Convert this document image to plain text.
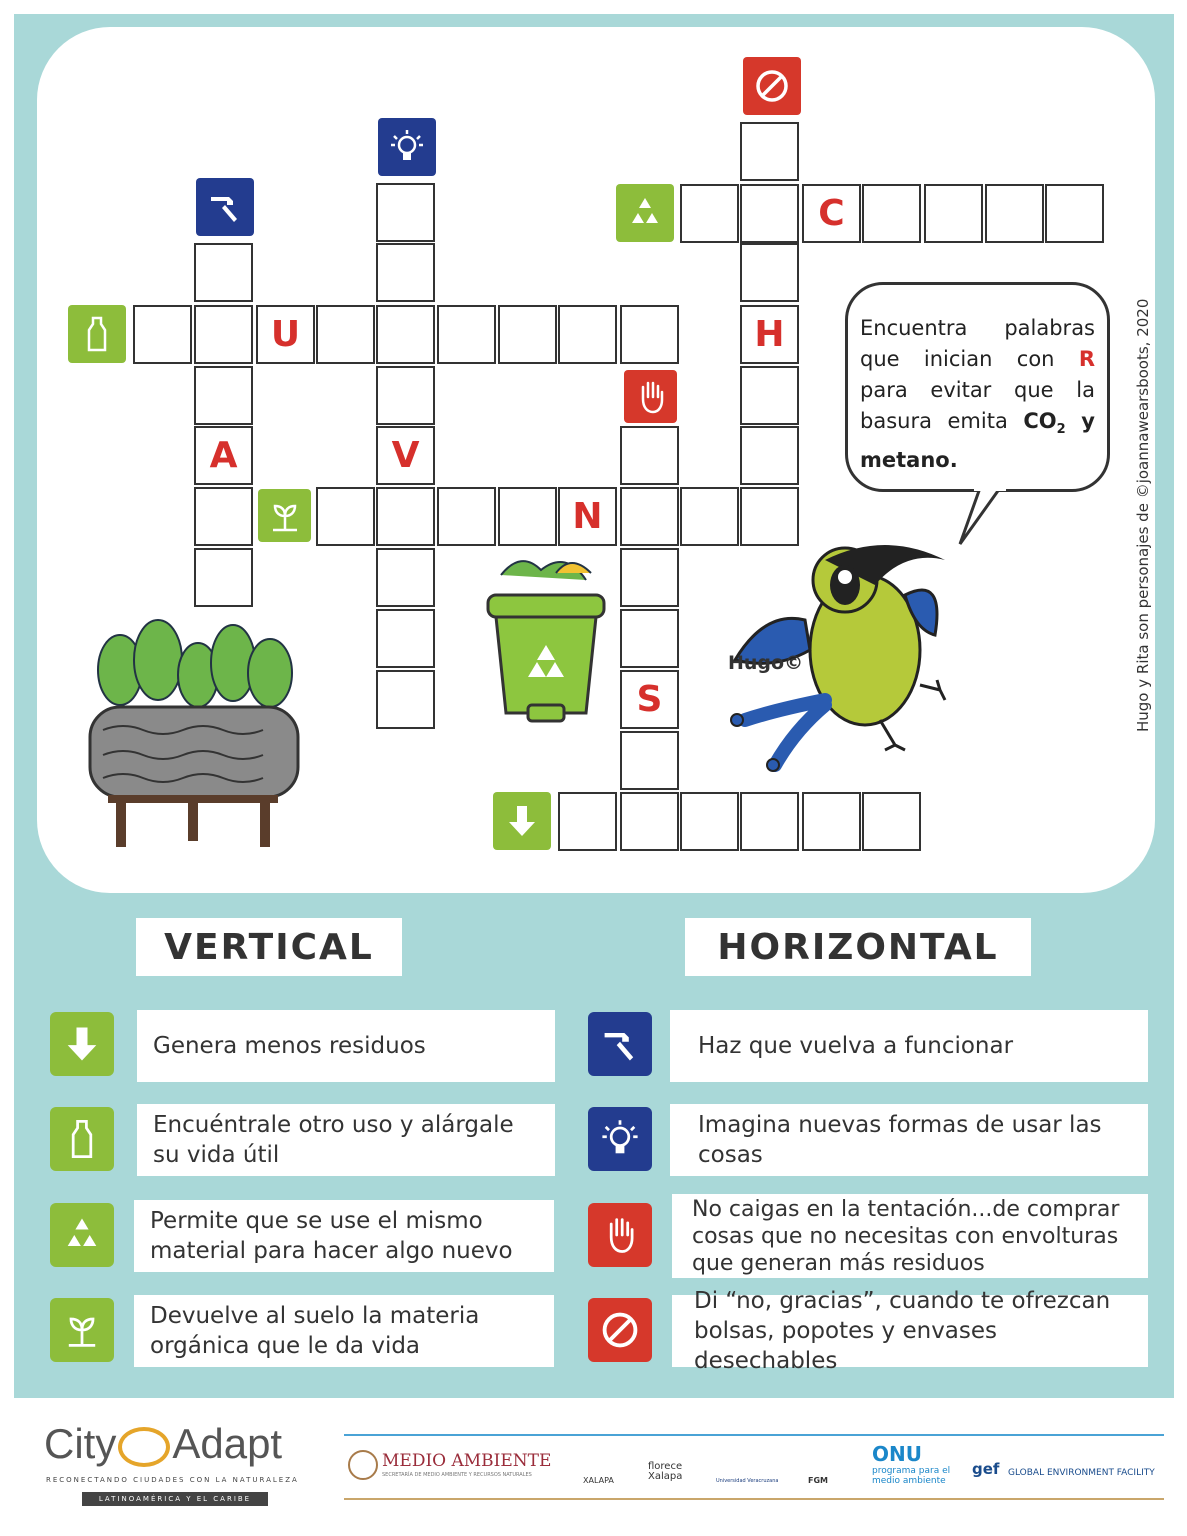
C
U
N
A	V
H
S
Encuentra palabras que inician con R para evitar que la basura emita $CO_2$ y metano.	Hugo y Rita son personajes de ©joannawearsboots, 2020
Hugo©
VERTICAL	HORIZONTAL
Genera menos residuos
Encuéntrale otro uso y alárgale su vida útil
Permite que se use el mismo material para hacer algo nuevo
Devuelve al suelo la materia orgánica que le da vida
Haz que vuelva a funcionar
Imagina nuevas formas de usar las cosas
No caigas en la tentación...de comprar cosas que no necesitas con envolturas que generan más residuos
Di “no, gracias”, cuando te ofrezcan bolsas, popotes y envases desechables
City Adapt
RECONECTANDO CIUDADES CON LA NATURALEZA
LATINOAMÉRICA Y EL CARIBE
MEDIO AMBIENTE
SECRETARÍA DE MEDIO AMBIENTE Y RECURSOS NATURALES
XALAPA
florece Xalapa	Universidad Veracruzana	FGM
ONU
programa para el medio ambiente
gef GLOBAL ENVIRONMENT FACILITY
